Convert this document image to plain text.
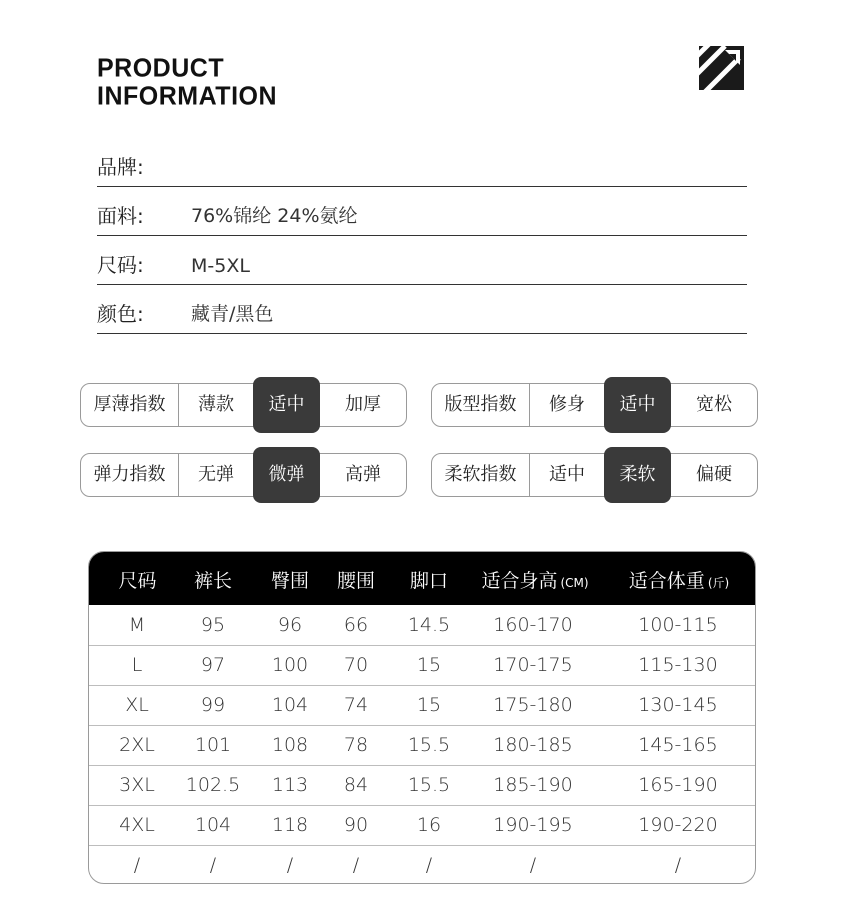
PRODUCT
INFORMATION
品牌:
面料: 76%锦纶 24%氨纶
尺码: M-5XL
颜色: 藏青/黑色
厚薄指数	薄款	适中	加厚	版型指数	修身	适中	宽松
弹力指数	无弹	微弹	高弹	柔软指数	适中	柔软	偏硬
尺码	裤长	臀围	腰围	脚口	适合身高 (CM)	适合体重 (斤)
M	95	96	66	14.5	160-170	100-115
L	97	100	70	15	170-175	115-130
XL	99	104	74	15	175-180	130-145
2XL	101	108	78	15.5	180-185	145-165
3XL	102.5	113	84	15.5	185-190	165-190
4XL	104	118	90	16	190-195	190-220
/	/	/	/	/	/	/
